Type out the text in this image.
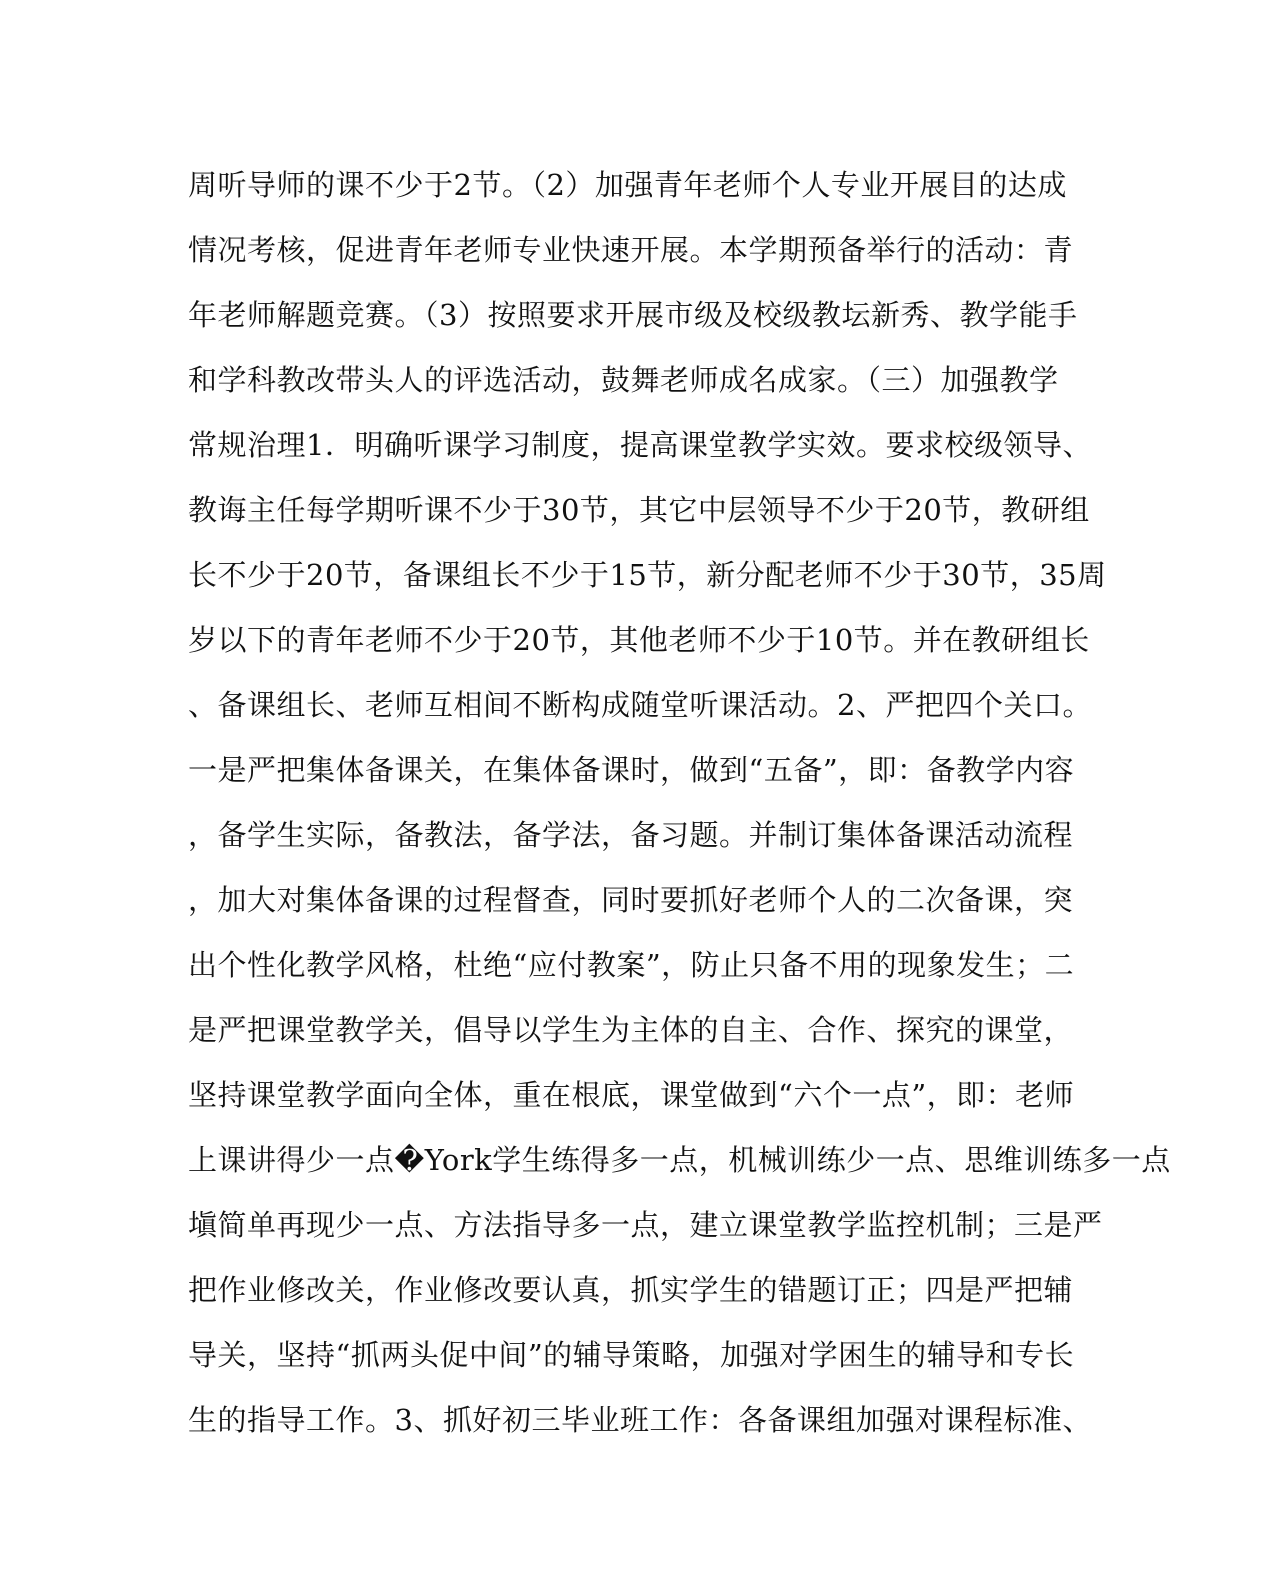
周听导师的课不少于2节。（2）加强青年老师个人专业开展目的达成
情况考核，促进青年老师专业快速开展。本学期预备举行的活动：青
年老师解题竞赛。（3）按照要求开展市级及校级教坛新秀、教学能手
和学科教改带头人的评选活动，鼓舞老师成名成家。（三）加强教学
常规治理1．明确听课学习制度，提高课堂教学实效。要求校级领导、
教诲主任每学期听课不少于30节，其它中层领导不少于20节，教研组
长不少于20节，备课组长不少于15节，新分配老师不少于30节，35周
岁以下的青年老师不少于20节，其他老师不少于10节。并在教研组长
、备课组长、老师互相间不断构成随堂听课活动。2、严把四个关口。
一是严把集体备课关，在集体备课时，做到“五备”，即：备教学内容
，备学生实际，备教法，备学法，备习题。并制订集体备课活动流程
，加大对集体备课的过程督查，同时要抓好老师个人的二次备课，突
出个性化教学风格，杜绝“应付教案”，防止只备不用的现象发生；二
是严把课堂教学关，倡导以学生为主体的自主、合作、探究的课堂，
坚持课堂教学面向全体，重在根底，课堂做到“六个一点”，即：老师
上课讲得少一点�York学生练得多一点，机械训练少一点、思维训练多一点
塡简单再现少一点、方法指导多一点，建立课堂教学监控机制；三是严
把作业修改关，作业修改要认真，抓实学生的错题订正；四是严把辅
导关，坚持“抓两头促中间”的辅导策略，加强对学困生的辅导和专长
生的指导工作。3、抓好初三毕业班工作：各备课组加强对课程标准、
